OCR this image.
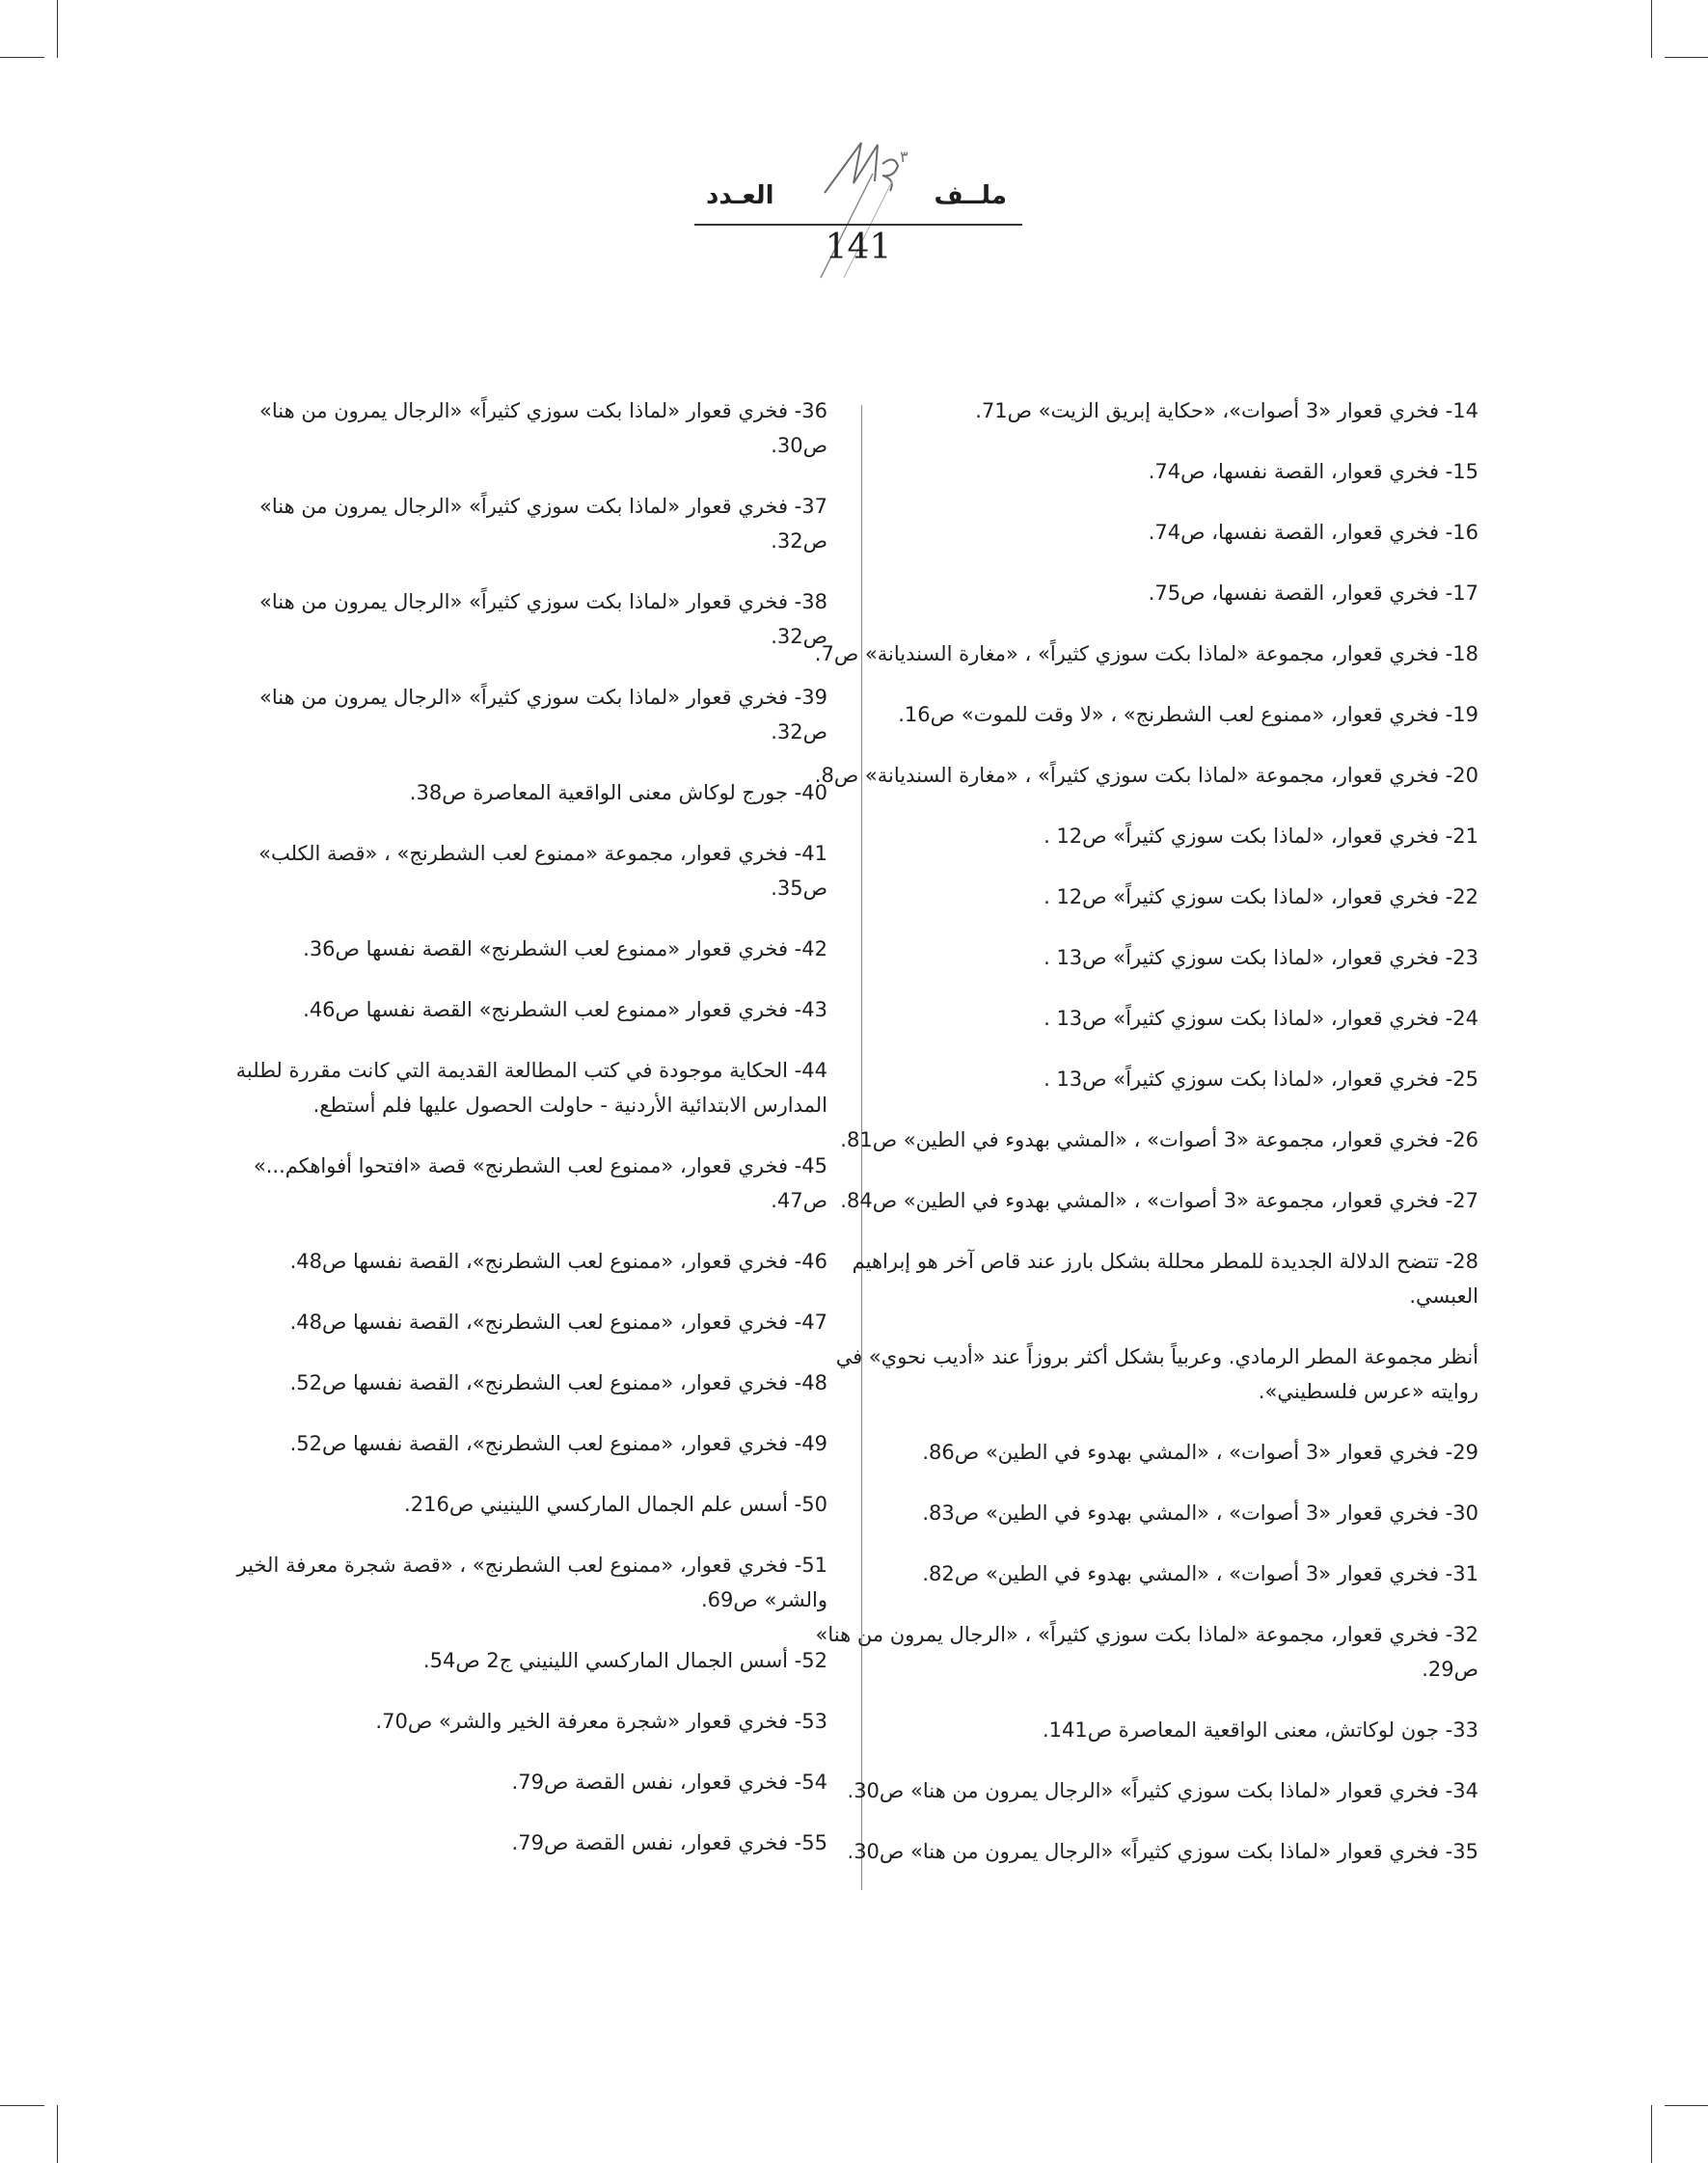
٣
العـدد	ملــف
141

14- فخري قعوار «3 أصوات»، «حكاية إبريق الزيت» ص71.

15- فخري قعوار، القصة نفسها، ص74.

16- فخري قعوار، القصة نفسها، ص74.

17- فخري قعوار، القصة نفسها، ص75.

18- فخري قعوار، مجموعة «لماذا بكت سوزي كثيراً» ، «مغارة السنديانة» ص7.

19- فخري قعوار، «ممنوع لعب الشطرنج» ، «لا وقت للموت» ص16.

20- فخري قعوار، مجموعة «لماذا بكت سوزي كثيراً» ، «مغارة السنديانة» ص8.

21- فخري قعوار، «لماذا بكت سوزي كثيراً» ص12 .

22- فخري قعوار، «لماذا بكت سوزي كثيراً» ص12 .

23- فخري قعوار، «لماذا بكت سوزي كثيراً» ص13 .

24- فخري قعوار، «لماذا بكت سوزي كثيراً» ص13 .

25- فخري قعوار، «لماذا بكت سوزي كثيراً» ص13 .

26- فخري قعوار، مجموعة «3 أصوات» ، «المشي بهدوء في الطين» ص81.

27- فخري قعوار، مجموعة «3 أصوات» ، «المشي بهدوء في الطين» ص84.

28- تتضح الدلالة الجديدة للمطر محللة بشكل بارز عند قاص آخر هو إبراهيم العبسي.

أنظر مجموعة المطر الرمادي. وعربياً بشكل أكثر بروزاً عند «أديب نحوي» في روايته «عرس فلسطيني».

29- فخري قعوار «3 أصوات» ، «المشي بهدوء في الطين» ص86.

30- فخري قعوار «3 أصوات» ، «المشي بهدوء في الطين» ص83.

31- فخري قعوار «3 أصوات» ، «المشي بهدوء في الطين» ص82.

32- فخري قعوار، مجموعة «لماذا بكت سوزي كثيراً» ، «الرجال يمرون من هنا» ص29.

33- جون لوكاتش، معنى الواقعية المعاصرة ص141.

34- فخري قعوار «لماذا بكت سوزي كثيراً» «الرجال يمرون من هنا» ص30.

35- فخري قعوار «لماذا بكت سوزي كثيراً» «الرجال يمرون من هنا» ص30.

36- فخري قعوار «لماذا بكت سوزي كثيراً» «الرجال يمرون من هنا» ص30.

37- فخري قعوار «لماذا بكت سوزي كثيراً» «الرجال يمرون من هنا» ص32.

38- فخري قعوار «لماذا بكت سوزي كثيراً» «الرجال يمرون من هنا» ص32.

39- فخري قعوار «لماذا بكت سوزي كثيراً» «الرجال يمرون من هنا» ص32.

40- جورج لوكاش معنى الواقعية المعاصرة ص38.

41- فخري قعوار، مجموعة «ممنوع لعب الشطرنج» ، «قصة الكلب» ص35.

42- فخري قعوار «ممنوع لعب الشطرنج» القصة نفسها ص36.

43- فخري قعوار «ممنوع لعب الشطرنج» القصة نفسها ص46.

44- الحكاية موجودة في كتب المطالعة القديمة التي كانت مقررة لطلبة المدارس الابتدائية الأردنية - حاولت الحصول عليها فلم أستطع.

45- فخري قعوار، «ممنوع لعب الشطرنج» قصة «افتحوا أفواهكم...» ص47.

46- فخري قعوار، «ممنوع لعب الشطرنج»، القصة نفسها ص48.

47- فخري قعوار، «ممنوع لعب الشطرنج»، القصة نفسها ص48.

48- فخري قعوار، «ممنوع لعب الشطرنج»، القصة نفسها ص52.

49- فخري قعوار، «ممنوع لعب الشطرنج»، القصة نفسها ص52.

50- أسس علم الجمال الماركسي اللينيني ص216.

51- فخري قعوار، «ممنوع لعب الشطرنج» ، «قصة شجرة معرفة الخير والشر» ص69.

52- أسس الجمال الماركسي اللينيني ج2 ص54.

53- فخري قعوار «شجرة معرفة الخير والشر» ص70.

54- فخري قعوار، نفس القصة ص79.

55- فخري قعوار، نفس القصة ص79.
